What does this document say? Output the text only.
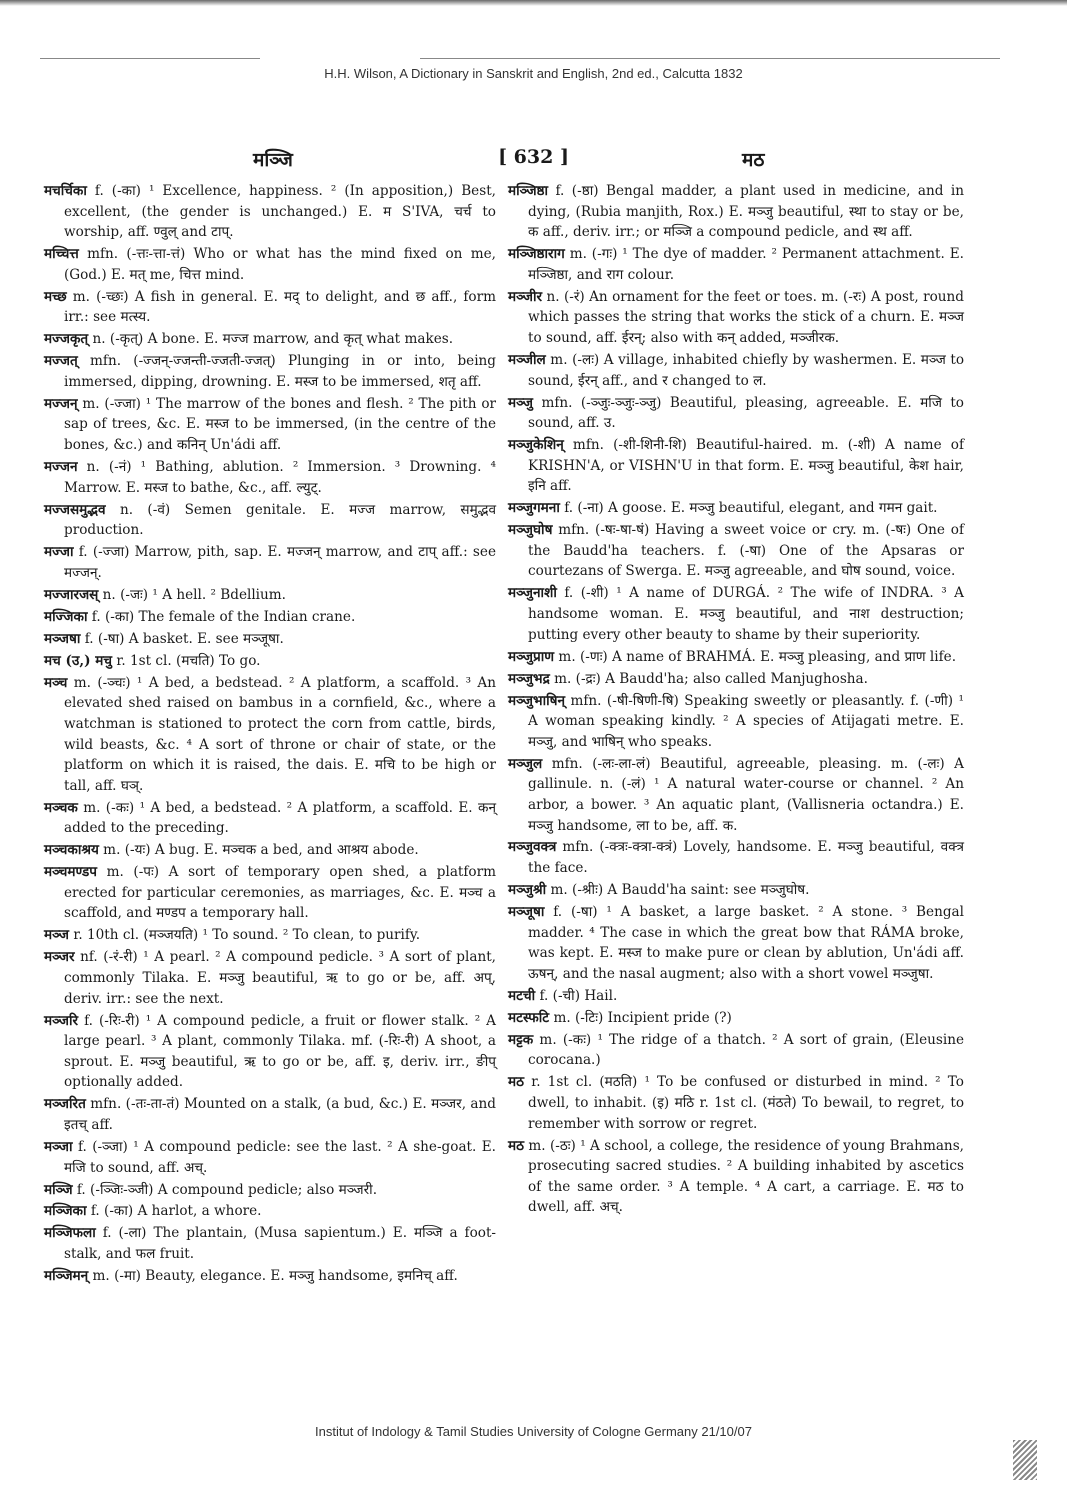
H.H. Wilson, A Dictionary in Sanskrit and English, 2nd ed., Calcutta 1832
मञ्जि	[ 632 ]	मठ

मचर्चिका f. (-का) ¹ Excellence, happiness. ² (In apposition,) Best, excellent, (the gender is unchanged.) E. म S'IVA, चर्च to worship, aff. ण्वुल् and टाप्.

मच्चित्त mfn. (-त्तः-त्ता-त्तं) Who or what has the mind fixed on me, (God.) E. मत् me, चित्त mind.

मच्छ m. (-च्छः) A fish in general. E. मद् to delight, and छ aff., form irr.: see मत्स्य.

मज्जकृत् n. (-कृत्) A bone. E. मज्ज marrow, and कृत् what makes.

मज्जत् mfn. (-ज्जन्-ज्जन्ती-ज्जती-ज्जत्) Plunging in or into, being immersed, dipping, drowning. E. मस्ज to be immersed, शतृ aff.

मज्जन् m. (-ज्जा) ¹ The marrow of the bones and flesh. ² The pith or sap of trees, &c. E. मस्ज to be immersed, (in the centre of the bones, &c.) and कनिन् Un'ádi aff.

मज्जन n. (-नं) ¹ Bathing, ablution. ² Immersion. ³ Drowning. ⁴ Marrow. E. मस्ज to bathe, &c., aff. ल्युट्.

मज्जसमुद्भव n. (-वं) Semen genitale. E. मज्ज marrow, समुद्भव production.

मज्जा f. (-ज्जा) Marrow, pith, sap. E. मज्जन् marrow, and टाप् aff.: see मज्जन्.

मज्जारजस् n. (-जः) ¹ A hell. ² Bdellium.

मज्जिका f. (-का) The female of the Indian crane.

मञ्जषा f. (-षा) A basket. E. see मञ्जूषा.

मच (उ,) मचु r. 1st cl. (मचति) To go.

मञ्च m. (-ञ्चः) ¹ A bed, a bedstead. ² A platform, a scaffold. ³ An elevated shed raised on bambus in a cornfield, &c., where a watchman is stationed to protect the corn from cattle, birds, wild beasts, &c. ⁴ A sort of throne or chair of state, or the platform on which it is raised, the dais. E. मचि to be high or tall, aff. घञ्.

मञ्चक m. (-कः) ¹ A bed, a bedstead. ² A platform, a scaffold. E. कन् added to the preceding.

मञ्चकाश्रय m. (-यः) A bug. E. मञ्चक a bed, and आश्रय abode.

मञ्चमण्डप m. (-पः) A sort of temporary open shed, a platform erected for particular ceremonies, as marriages, &c. E. मञ्च a scaffold, and मण्डप a temporary hall.

मञ्ज r. 10th cl. (मञ्जयति) ¹ To sound. ² To clean, to purify.

मञ्जर nf. (-रं-री) ¹ A pearl. ² A compound pedicle. ³ A sort of plant, commonly Tilaka. E. मञ्जु beautiful, ऋ to go or be, aff. अप्, deriv. irr.: see the next.

मञ्जरि f. (-रिः-री) ¹ A compound pedicle, a fruit or flower stalk. ² A large pearl. ³ A plant, commonly Tilaka. mf. (-रिः-री) A shoot, a sprout. E. मञ्जु beautiful, ऋ to go or be, aff. इ, deriv. irr., ङीप् optionally added.

मञ्जरित mfn. (-तः-ता-तं) Mounted on a stalk, (a bud, &c.) E. मञ्जर, and इतच् aff.

मञ्जा f. (-ञ्जा) ¹ A compound pedicle: see the last. ² A she-goat. E. मजि to sound, aff. अच्.

मञ्जि f. (-ञ्जिः-ञ्जी) A compound pedicle; also मञ्जरी.

मञ्जिका f. (-का) A harlot, a whore.

मञ्जिफला f. (-ला) The plantain, (Musa sapientum.) E. मञ्जि a foot-stalk, and फल fruit.

मञ्जिमन् m. (-मा) Beauty, elegance. E. मञ्जु handsome, इमनिच् aff.

मञ्जिष्ठा f. (-ष्ठा) Bengal madder, a plant used in medicine, and in dying, (Rubia manjith, Rox.) E. मञ्जु beautiful, स्था to stay or be, क aff., deriv. irr.; or मञ्जि a compound pedicle, and स्थ aff.

मञ्जिष्ठाराग m. (-गः) ¹ The dye of madder. ² Permanent attachment. E. मञ्जिष्ठा, and राग colour.

मञ्जीर n. (-रं) An ornament for the feet or toes. m. (-रः) A post, round which passes the string that works the stick of a churn. E. मञ्ज to sound, aff. ईरन्; also with कन् added, मञ्जीरक.

मञ्जील m. (-लः) A village, inhabited chiefly by washermen. E. मञ्ज to sound, ईरन् aff., and र changed to ल.

मञ्जु mfn. (-ञ्जुः-ञ्जुः-ञ्जु) Beautiful, pleasing, agreeable. E. मजि to sound, aff. उ.

मञ्जुकेशिन् mfn. (-शी-शिनी-शि) Beautiful-haired. m. (-शी) A name of KRISHN'A, or VISHN'U in that form. E. मञ्जु beautiful, केश hair, इनि aff.

मञ्जुगमना f. (-ना) A goose. E. मञ्जु beautiful, elegant, and गमन gait.

मञ्जुघोष mfn. (-षः-षा-षं) Having a sweet voice or cry. m. (-षः) One of the Baudd'ha teachers. f. (-षा) One of the Apsaras or courtezans of Swerga. E. मञ्जु agreeable, and घोष sound, voice.

मञ्जुनाशी f. (-शी) ¹ A name of DURGÁ. ² The wife of INDRA. ³ A handsome woman. E. मञ्जु beautiful, and नाश destruction; putting every other beauty to shame by their superiority.

मञ्जुप्राण m. (-णः) A name of BRAHMÁ. E. मञ्जु pleasing, and प्राण life.

मञ्जुभद्र m. (-द्रः) A Baudd'ha; also called Manjughosha.

मञ्जुभाषिन् mfn. (-षी-षिणी-षि) Speaking sweetly or pleasantly. f. (-णी) ¹ A woman speaking kindly. ² A species of Atijagati metre. E. मञ्जु, and भाषिन् who speaks.

मञ्जुल mfn. (-लः-ला-लं) Beautiful, agreeable, pleasing. m. (-लः) A gallinule. n. (-लं) ¹ A natural water-course or channel. ² An arbor, a bower. ³ An aquatic plant, (Vallisneria octandra.) E. मञ्जु handsome, ला to be, aff. क.

मञ्जुवक्त्र mfn. (-क्त्रः-क्त्रा-क्त्रं) Lovely, handsome. E. मञ्जु beautiful, वक्त्र the face.

मञ्जुश्री m. (-श्रीः) A Baudd'ha saint: see मञ्जुघोष.

मञ्जूषा f. (-षा) ¹ A basket, a large basket. ² A stone. ³ Bengal madder. ⁴ The case in which the great bow that RÁMA broke, was kept. E. मस्ज to make pure or clean by ablution, Un'ádi aff. ऊषन्, and the nasal augment; also with a short vowel मञ्जुषा.

मटची f. (-ची) Hail.

मटस्फटि m. (-टिः) Incipient pride (?)

मट्टक m. (-कः) ¹ The ridge of a thatch. ² A sort of grain, (Eleusine corocana.)

मठ r. 1st cl. (मठति) ¹ To be confused or disturbed in mind. ² To dwell, to inhabit. (इ) मठि r. 1st cl. (मंठते) To bewail, to regret, to remember with sorrow or regret.

मठ m. (-ठः) ¹ A school, a college, the residence of young Brahmans, prosecuting sacred studies. ² A building inhabited by ascetics of the same order. ³ A temple. ⁴ A cart, a carriage. E. मठ to dwell, aff. अच्.

Institut of Indology & Tamil Studies University of Cologne Germany 21/10/07
